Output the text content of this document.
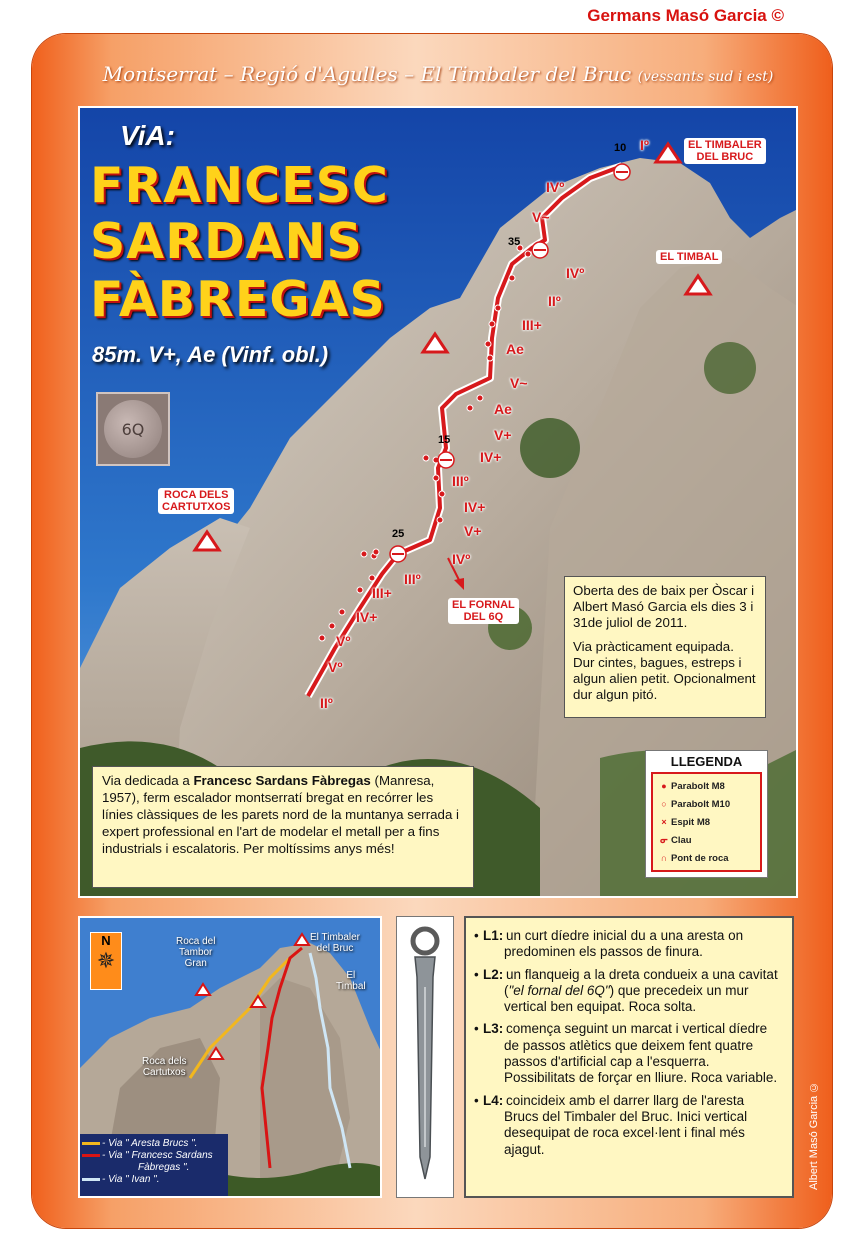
Germans Masó Garcia ©
Montserrat – Regió d'Agulles – El Timbaler del Bruc (vessants sud i est)
ViA:
FRANCESC
SARDANS
FÀBREGAS
85m. V+, Ae (Vinf. obl.)
6Q
EL TIMBALER
DEL BRUC
EL TIMBAL
ROCA DELS
CARTUTXOS
EL FORNAL
DEL 6Q
10
35
15
25
Iº
IVº
V~
IVº
IIº
III+
Ae
V~
Ae
V+
IV+
IIIº
IV+
V+
IVº
III+
IIIº
IV+
Vº
Vº
IIº

Oberta des de baix per Òscar i Albert Masó Garcia els dies 3 i 31de juliol de 2011.

Via pràcticament equipada. Dur cintes, bagues, estreps i algun alien petit. Opcionalment dur algun pitó.

Via dedicada a Francesc Sardans Fàbregas (Manresa, 1957), ferm escalador montserratí bregat en recórrer les línies clàssiques de les parets nord de la muntanya serrada i expert professional en l'art de modelar el metall per a fins industrials i escalatoris. Per moltíssims anys més!
LLEGENDA
● Parabolt M8
○ Parabolt M10
× Espit M8
ᓂ Clau
∩ Pont de roca
N
✵
Roca del
Tambor
Gran
El Timbaler
del Bruc
El
Timbal
Roca dels
Cartutxos
- Via " Aresta Brucs ".
- Via " Francesc Sardans
Fàbregas ".
- Via " Ivan ".
• L1: un curt díedre inicial du a una aresta on predominen els passos de finura.
• L2: un flanqueig a la dreta condueix a una cavitat ("el fornal del 6Q") que precedeix un mur vertical ben equipat. Roca solta.
• L3: comença seguint un marcat i vertical díedre de passos atlètics que deixem fent quatre passos d'artificial cap a l'esquerra. Possibilitats de forçar en lliure. Roca variable.
• L4: coincideix amb el darrer llarg de l'aresta Brucs del Timbaler del Bruc. Inici vertical desequipat de roca excel·lent i final més ajagut.	Albert Masó Garcia ©
